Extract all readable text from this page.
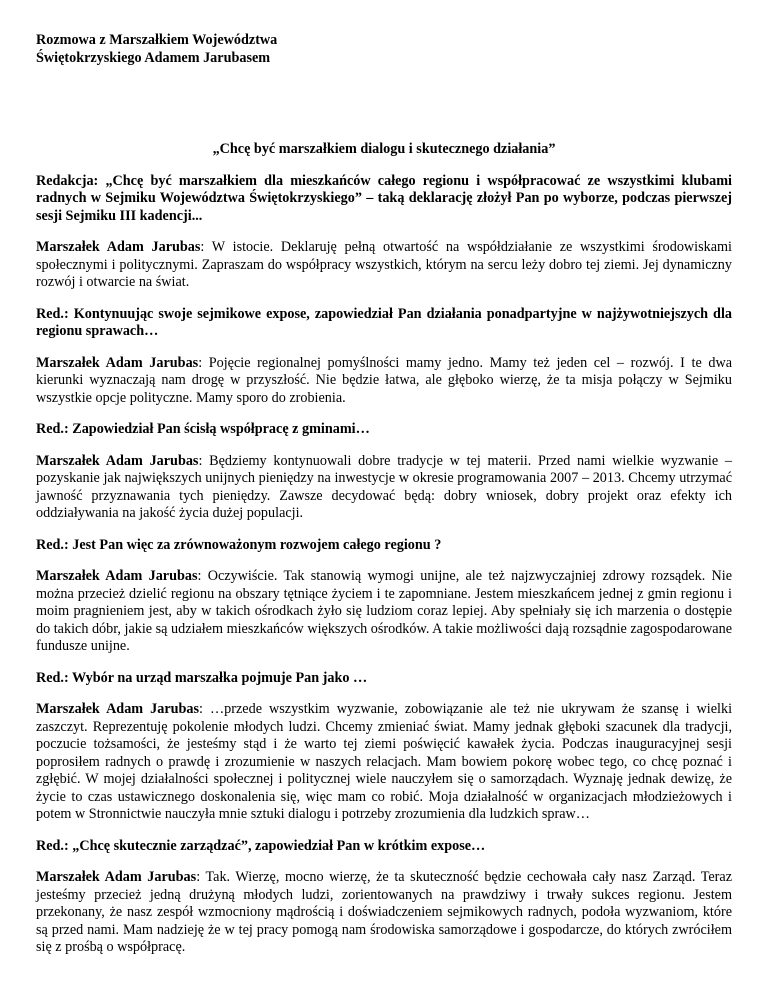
Rozmowa z Marszałkiem Województwa
Świętokrzyskiego Adamem Jarubasem
„Chcę być marszałkiem dialogu i skutecznego działania”

Redakcja: „Chcę być marszałkiem dla mieszkańców całego regionu i współpracować ze wszystkimi klubami radnych w Sejmiku Województwa Świętokrzyskiego” – taką deklarację złożył Pan po wyborze, podczas pierwszej sesji Sejmiku III kadencji...

Marszałek Adam Jarubas: W istocie. Deklaruję pełną otwartość na współdziałanie ze wszystkimi środowiskami społecznymi i politycznymi. Zapraszam do współpracy wszystkich, którym na sercu leży dobro tej ziemi. Jej dynamiczny rozwój i otwarcie na świat.

Red.: Kontynuując swoje sejmikowe expose, zapowiedział Pan działania ponadpartyjne w najżywotniejszych dla regionu sprawach…

Marszałek Adam Jarubas: Pojęcie regionalnej pomyślności mamy jedno. Mamy też jeden cel – rozwój. I te dwa kierunki wyznaczają nam drogę w przyszłość. Nie będzie łatwa, ale głęboko wierzę, że ta misja połączy w Sejmiku wszystkie opcje polityczne. Mamy sporo do zrobienia.

Red.: Zapowiedział Pan ścisłą współpracę z gminami…

Marszałek Adam Jarubas: Będziemy kontynuowali dobre tradycje w tej materii. Przed nami wielkie wyzwanie – pozyskanie jak największych unijnych pieniędzy na inwestycje w okresie programowania 2007 – 2013. Chcemy utrzymać jawność przyznawania tych pieniędzy. Zawsze decydować będą: dobry wniosek, dobry projekt oraz efekty ich oddziaływania na jakość życia dużej populacji.

Red.: Jest Pan więc za zrównoważonym rozwojem całego regionu ?

Marszałek Adam Jarubas: Oczywiście. Tak stanowią wymogi unijne, ale też najzwyczajniej zdrowy rozsądek. Nie można przecież dzielić regionu na obszary tętniące życiem i te zapomniane. Jestem mieszkańcem jednej z gmin regionu i moim pragnieniem jest, aby w takich ośrodkach żyło się ludziom coraz lepiej. Aby spełniały się ich marzenia o dostępie do takich dóbr, jakie są udziałem mieszkańców większych ośrodków. A takie możliwości dają rozsądnie zagospodarowane fundusze unijne.

Red.: Wybór na urząd marszałka pojmuje Pan jako …

Marszałek Adam Jarubas: …przede wszystkim wyzwanie, zobowiązanie ale też nie ukrywam że szansę i wielki zaszczyt. Reprezentuję pokolenie młodych ludzi. Chcemy zmieniać świat. Mamy jednak głęboki szacunek dla tradycji, poczucie tożsamości, że jesteśmy stąd i że warto tej ziemi poświęcić kawałek życia. Podczas inauguracyjnej sesji poprosiłem radnych o prawdę i zrozumienie w naszych relacjach. Mam bowiem pokorę wobec tego, co chcę poznać i zgłębić. W mojej działalności społecznej i politycznej wiele nauczyłem się o samorządach. Wyznaję jednak dewizę, że życie to czas ustawicznego doskonalenia się, więc mam co robić. Moja działalność w organizacjach młodzieżowych i potem w Stronnictwie nauczyła mnie sztuki dialogu i potrzeby zrozumienia dla ludzkich spraw…

Red.: „Chcę skutecznie zarządzać”, zapowiedział Pan w krótkim expose…

Marszałek Adam Jarubas: Tak. Wierzę, mocno wierzę, że ta skuteczność będzie cechowała cały nasz Zarząd. Teraz jesteśmy przecież jedną drużyną młodych ludzi, zorientowanych na prawdziwy i trwały sukces regionu. Jestem przekonany, że nasz zespół wzmocniony mądrością i doświadczeniem sejmikowych radnych, podoła wyzwaniom, które są przed nami. Mam nadzieję że w tej pracy pomogą nam środowiska samorządowe i gospodarcze, do których zwróciłem się z prośbą o współpracę.
